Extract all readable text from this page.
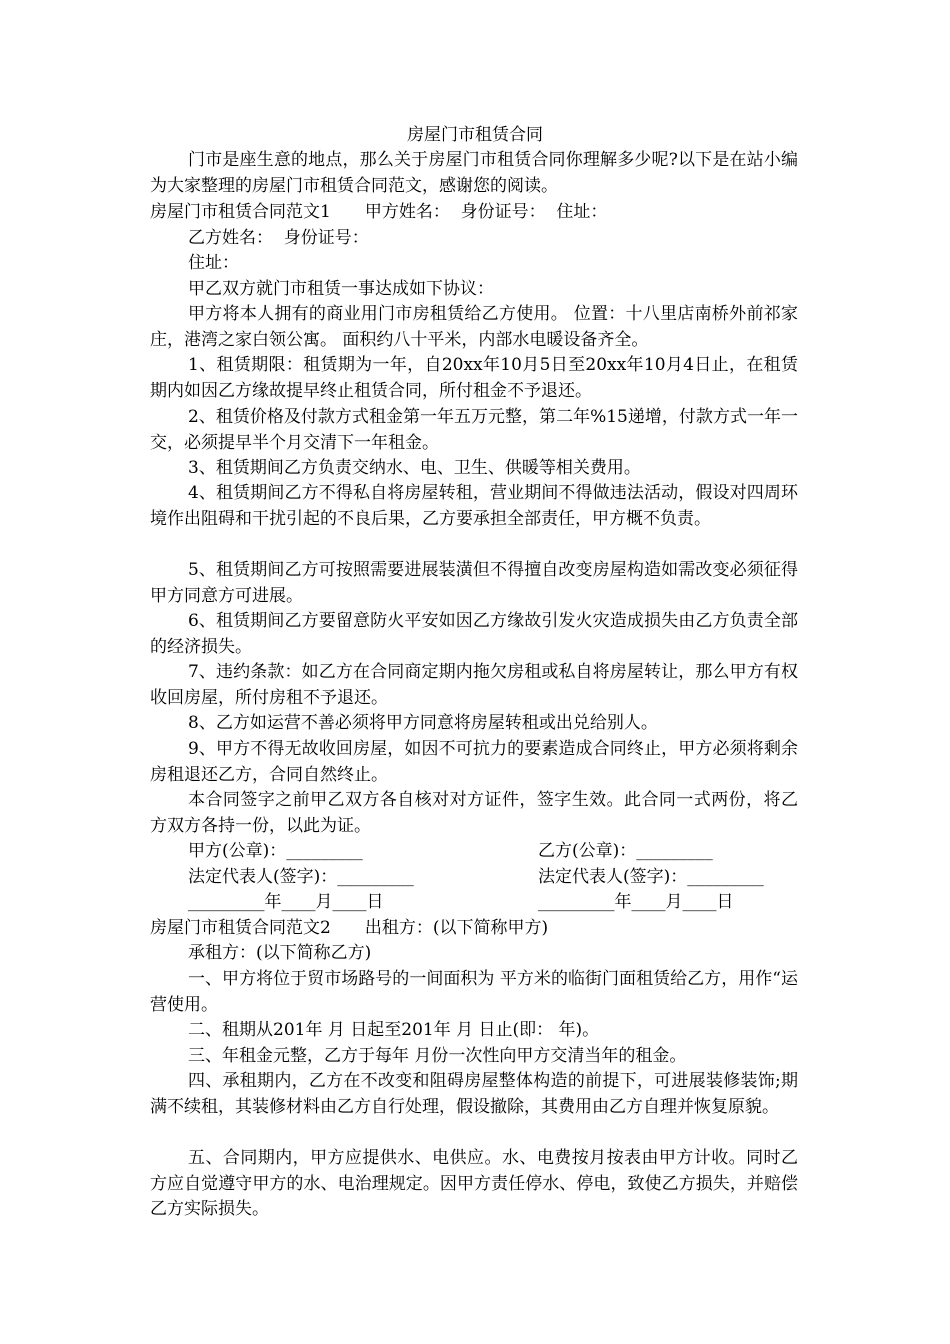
房屋门市租赁合同
门市是座生意的地点，那么关于房屋门市租赁合同你理解多少呢?以下是在站小编为大家整理的房屋门市租赁合同范文，感谢您的阅读。
房屋门市租赁合同范文1　　甲方姓名：  身份证号：  住址：
乙方姓名：  身份证号：
住址：
甲乙双方就门市租赁一事达成如下协议：
甲方将本人拥有的商业用门市房租赁给乙方使用。 位置：十八里店南桥外前祁家庄，港湾之家白领公寓。 面积约八十平米，内部水电暖设备齐全。
1、租赁期限：租赁期为一年，自20xx年10月5日至20xx年10月4日止，在租赁期内如因乙方缘故提早终止租赁合同，所付租金不予退还。
2、租赁价格及付款方式租金第一年五万元整，第二年%15递增，付款方式一年一交，必须提早半个月交清下一年租金。
3、租赁期间乙方负责交纳水、电、卫生、供暖等相关费用。
4、租赁期间乙方不得私自将房屋转租，营业期间不得做违法活动，假设对四周环境作出阻碍和干扰引起的不良后果，乙方要承担全部责任，甲方概不负责。
5、租赁期间乙方可按照需要进展装潢但不得擅自改变房屋构造如需改变必须征得甲方同意方可进展。
6、租赁期间乙方要留意防火平安如因乙方缘故引发火灾造成损失由乙方负责全部的经济损失。
7、违约条款：如乙方在合同商定期内拖欠房租或私自将房屋转让，那么甲方有权收回房屋，所付房租不予退还。
8、乙方如运营不善必须将甲方同意将房屋转租或出兑给别人。
9、甲方不得无故收回房屋，如因不可抗力的要素造成合同终止，甲方必须将剩余房租退还乙方，合同自然终止。
本合同签字之前甲乙双方各自核对对方证件，签字生效。此合同一式两份，将乙方双方各持一份，以此为证。
甲方(公章)：_________	乙方(公章)：_________
法定代表人(签字)：_________	法定代表人(签字)：_________
_________年____月____日	_________年____月____日
房屋门市租赁合同范文2　　出租方：(以下简称甲方)
承租方：(以下简称乙方)
一、甲方将位于贸市场路号的一间面积为 平方米的临街门面租赁给乙方，用作“运营使用。
二、租期从201年 月 日起至201年 月 日止(即： 年)。
三、年租金元整，乙方于每年 月份一次性向甲方交清当年的租金。
四、承租期内，乙方在不改变和阻碍房屋整体构造的前提下，可进展装修装饰;期满不续租，其装修材料由乙方自行处理，假设撤除，其费用由乙方自理并恢复原貌。
五、合同期内，甲方应提供水、电供应。水、电费按月按表由甲方计收。同时乙方应自觉遵守甲方的水、电治理规定。因甲方责任停水、停电，致使乙方损失，并赔偿乙方实际损失。
